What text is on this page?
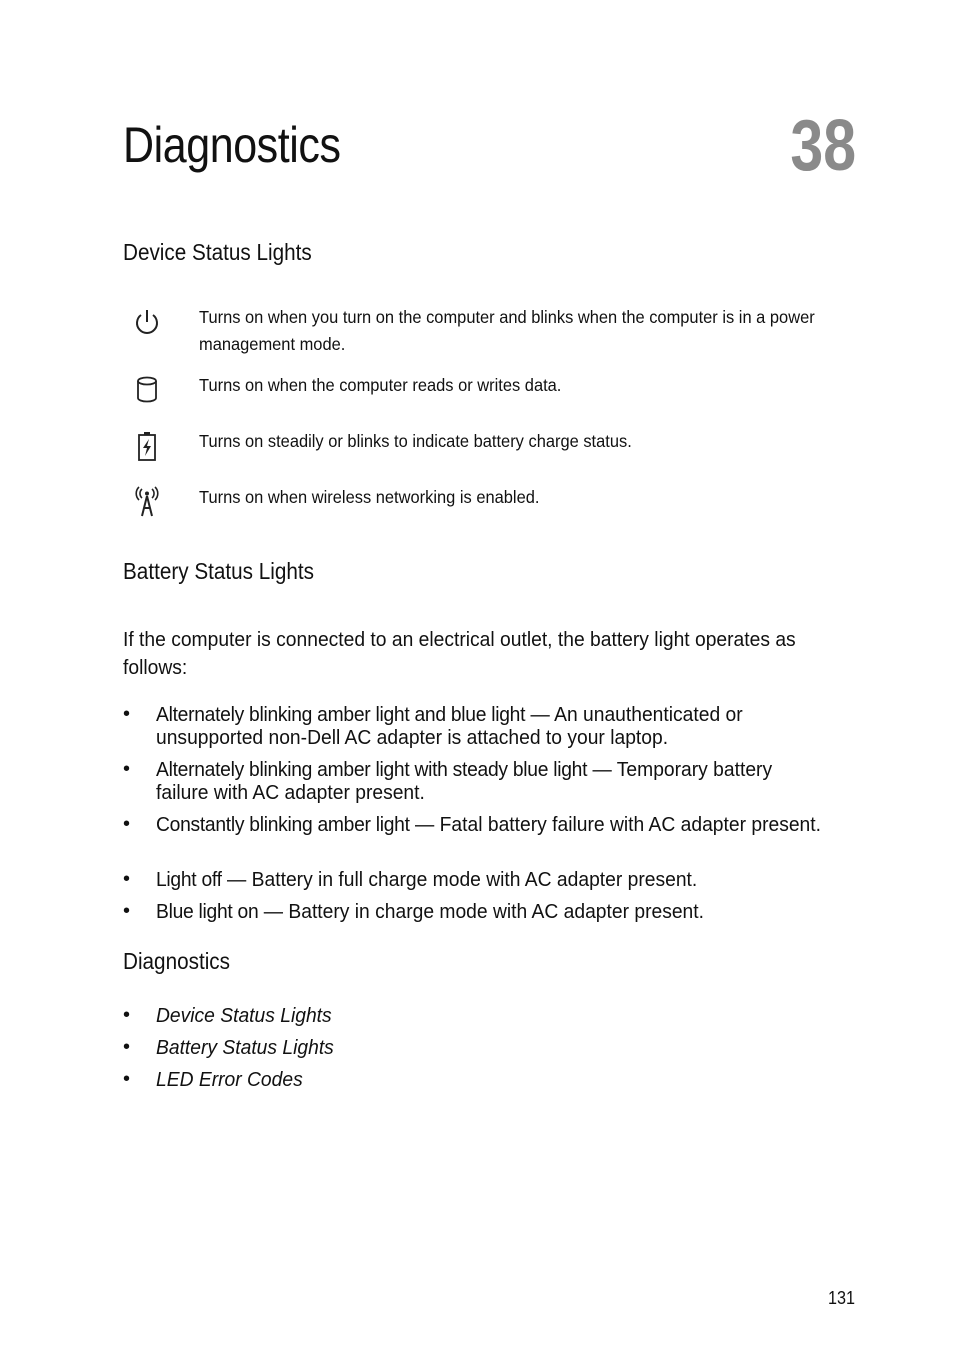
Diagnostics	38
Device Status Lights
Turns on when you turn on the computer and blinks when the computer is in a power management mode.
Turns on when the computer reads or writes data.
Turns on steadily or blinks to indicate battery charge status.
Turns on when wireless networking is enabled.
Battery Status Lights

If the computer is connected to an electrical outlet, the battery light operates as follows:

•	Alternately blinking amber light and blue light — An unauthenticated or unsupported non-Dell AC adapter is attached to your laptop.
•	Alternately blinking amber light with steady blue light — Temporary battery failure with AC adapter present.
•	Constantly blinking amber light — Fatal battery failure with AC adapter present.
•	Light off — Battery in full charge mode with AC adapter present.
•	Blue light on — Battery in charge mode with AC adapter present.
Diagnostics
•	Device Status Lights
•	Battery Status Lights
•	LED Error Codes
131
